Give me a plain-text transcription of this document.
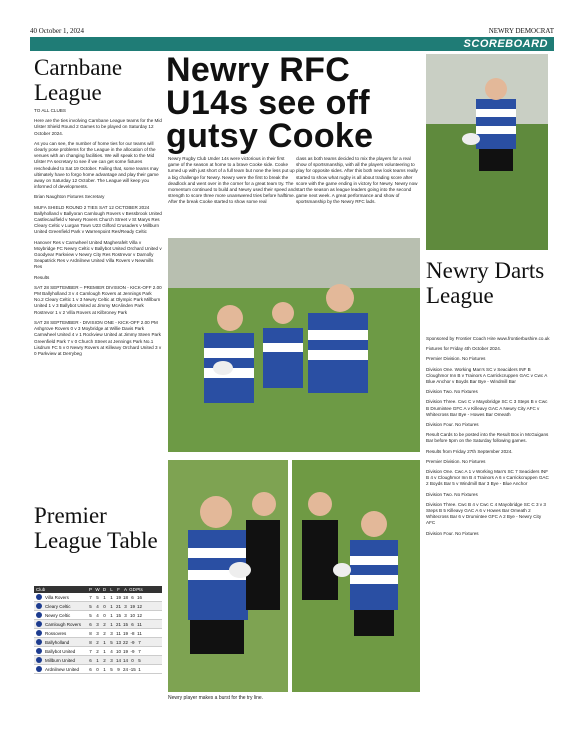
40 October 1, 2024	NEWRY DEMOCRAT
SCOREBOARD
Carnbane League

TO ALL CLUBS

Here are the ties involving Carnbane League teams for the Mid Ulster Shield Round 2 Games to be played on Saturday 12 October 2024.

As you can see, the number of home ties for our teams will clearly pose problems for the League in the allocation of the venues with an changing facilities. We will speak to the Mid Ulster FA secretary to see if we can get some fixtures rescheduled to Sat 19 October. Failing that, some teams may ultimately have to forgo home advantage and play their game away on Saturday 12 October. The League will keep you informed of developments.

Brian Naughton Fixtures Secretary

MUFA SHIELD ROUND 2 TIES SAT 12 OCTOBER 2024 Ballyholland v Ballyoran Camlough Rovers v Bessbrook United Castlecaulfield v Newry Rovers Church Street v St Marys Res Cleary Celtic v Lurgan Town U23 Gilford Crusaders v Millburn United Greenfield Park v Warrenpoint Res/Ready Celtic

Hanover Res v Carnwheel United Magherafelt Villa v Moybridge FC Newry Celtic v Ballybot United Orchard United v Goodyear Parkview v Newry City Res Rostrevor v Darnolly Seapatrick Res v Ardnilnew United Villa Rovers v Newmills Res

Results

SAT 28 SEPTEMBER – PREMIER DIVISION - KICK-OFF 2.00 PM Ballyholland 3 v 4 Camlough Rovers at Jennings Park No.2 Cleary Celtic 1 v 3 Newry Celtic at Olympic Park Millburn United 1 v 3 Ballybot United at Jimmy McAlinden Park Rostrevor 1 v 2 Villa Rovers at Kilbroney Park

SAT 28 SEPTEMBER - DIVISION ONE - KICK-OFF 2.00 PM Ashgrove Rovers 0 v 3 Moybridge at Willie Davis Park Carnwheel United 4 v 1 Rockview United at Jimmy Steen Park Greenfield Park 7 v 0 Church Street at Jennings Park No.1 Lisdrum FC 5 v 0 Newry Rovers at Killeavy Orchard United 3 v 0 Parkview at Derrybeg

Premier League Table
Club	P W D L F A GD Pts
Villa Rovers	7 5 1 1 19 18 6 16
Cleary Celtic	5 4 0 1 21 3 19 12
Newry Celtic	5 4 0 1 15 3 10 12
Camlough Rovers	6 3 2 1 21 15 6 11
Rossovres	8 3 2 3 11 19 -8 11
Ballyholland	8 2 1 5 13 22 -9 7
Ballybot United	7 2 1 4 10 19 -9 7
Millburn United	6 1 2 3 14 14 0 5
Ardnilnew United	6 0 1 5 9 24 -15 1
Newry RFC U14s see off gutsy Cooke
Newry Rugby Club Under 14s were victorious in their first game of the season at home to a brave Cooke side. Cooke turned up with just short of a full team but none the less put up a big challenge for Newry. Newry were the first to break the deadlock and went over in the corner for a great team try. The momentum continued to build and Newry used their speed and strength to score three more unanswered tries before halftime. After the break Cooke started to show some real
class as both teams decided to mix the players for a real show of sportsmanship, with all the players volunteering to play for opposite sides. After this both new look teams really started to show what rugby is all about trading score after score with the game ending in victory for Newry. Newry now start the season as league leaders going into the second game next week. A great performance and show of sportsmanship by the Newry RFC lads.
Newry player makes a burst for the try line.
Newry Darts League

Sponsored by Frontier Coach Hire www.frontierbushire.co.uk

Fixtures for Friday 4th October 2024.

Premier Division. No Fixtures

Division One. Working Man's SC v Seaciders INF B Cloughmor Inn B v Trainors A Carrickcruppen GAC v Cwc A Blue Anchor v Boyds Bar Bye - Windmill Bar

Division Two. No Fixtures

Division Three. Cwc C v Mayobridge SC C 3 Steps B v Cwc B Drumintee GFC A v Killeavy GAC A Newry City AFC v Whitecross Bar Bye - Howes Bar Omeath

Division Four. No Fixtures

Result Cards to be posted into the Result Box in McGuigans Bar before 5pm on the Saturday following games.

Results from Friday 27th September 2024.

Premier Division. No Fixtures

Division One. Cwc A 1 v Working Man's SC 7 Seaciders INF B 4 v Cloughmor Inn B 4 Trainors A 6 v Carrickcruppen GAC 2 Boyds Bar 5 v Windmill Bar 3 Bye - Blue Anchor

Division Two. No Fixtures

Division Three. Cwc B 4 v Cwc C 4 Mayobridge SC C 3 v 3 Steps B 5 Killeavy GAC A 6 v Howes Bar Omeath 2 Whitecross Bar 6 v Drumintee GFC A 2 Bye - Newry City AFC

Division Four. No Fixtures
